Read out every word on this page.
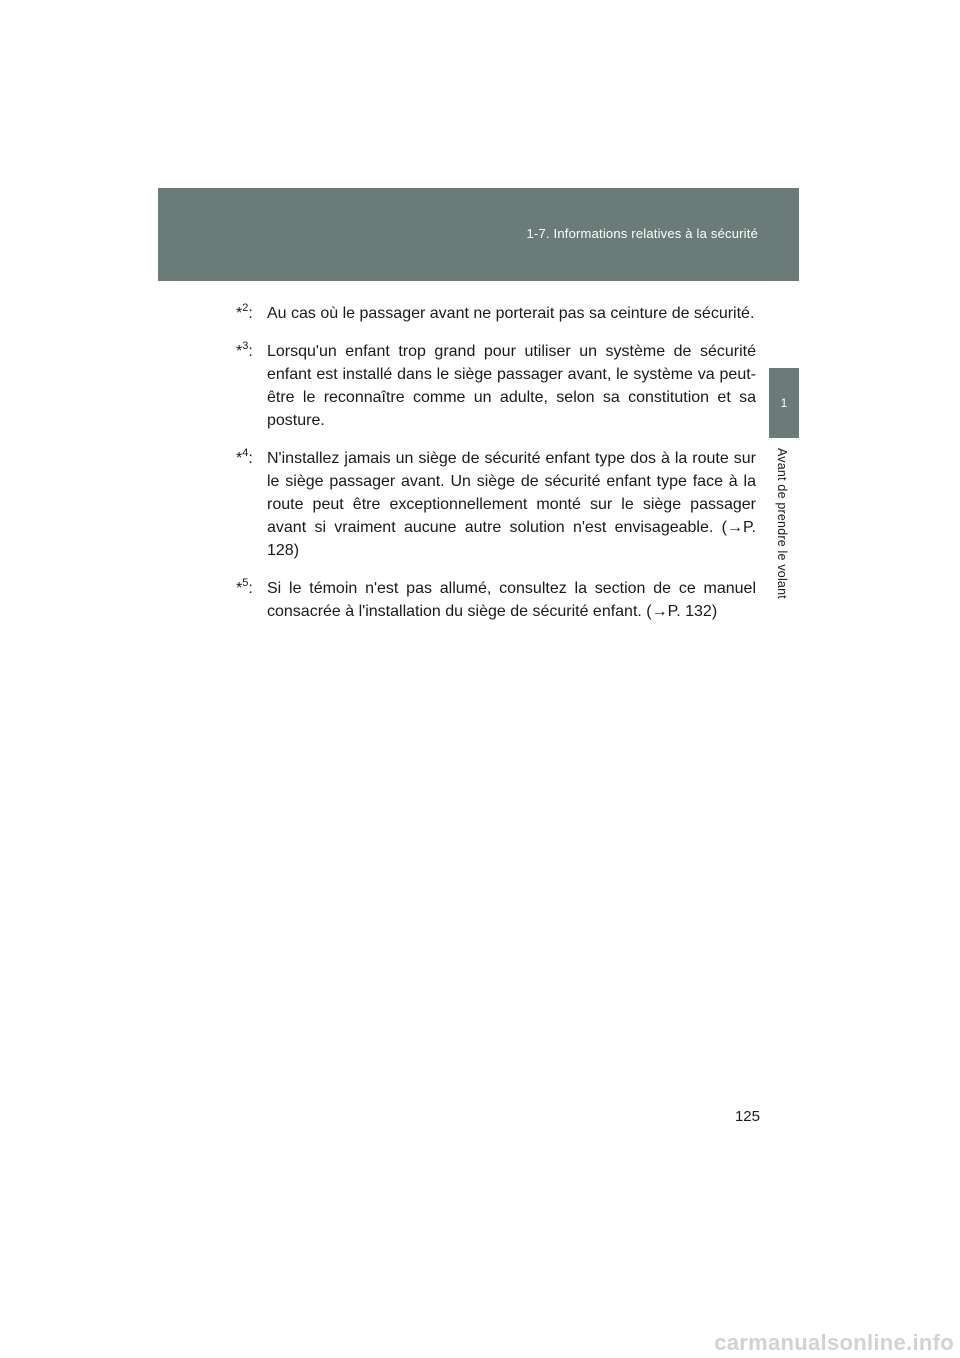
1-7. Informations relatives à la sécurité
1
Avant de prendre le volant
*$^2$: Au cas où le passager avant ne porterait pas sa ceinture de sécurité.
*$^3$: Lorsqu'un enfant trop grand pour utiliser un système de sécurité enfant est installé dans le siège passager avant, le système va peut-être le reconnaître comme un adulte, selon sa constitution et sa posture.
*$^4$: N'installez jamais un siège de sécurité enfant type dos à la route sur le siège passager avant. Un siège de sécurité enfant type face à la route peut être exceptionnellement monté sur le siège passager avant si vraiment aucune autre solution n'est envisageable. (→P. 128)
*$^5$: Si le témoin n'est pas allumé, consultez la section de ce manuel consacrée à l'installation du siège de sécurité enfant. (→P. 132)
125
carmanualsonline.info
